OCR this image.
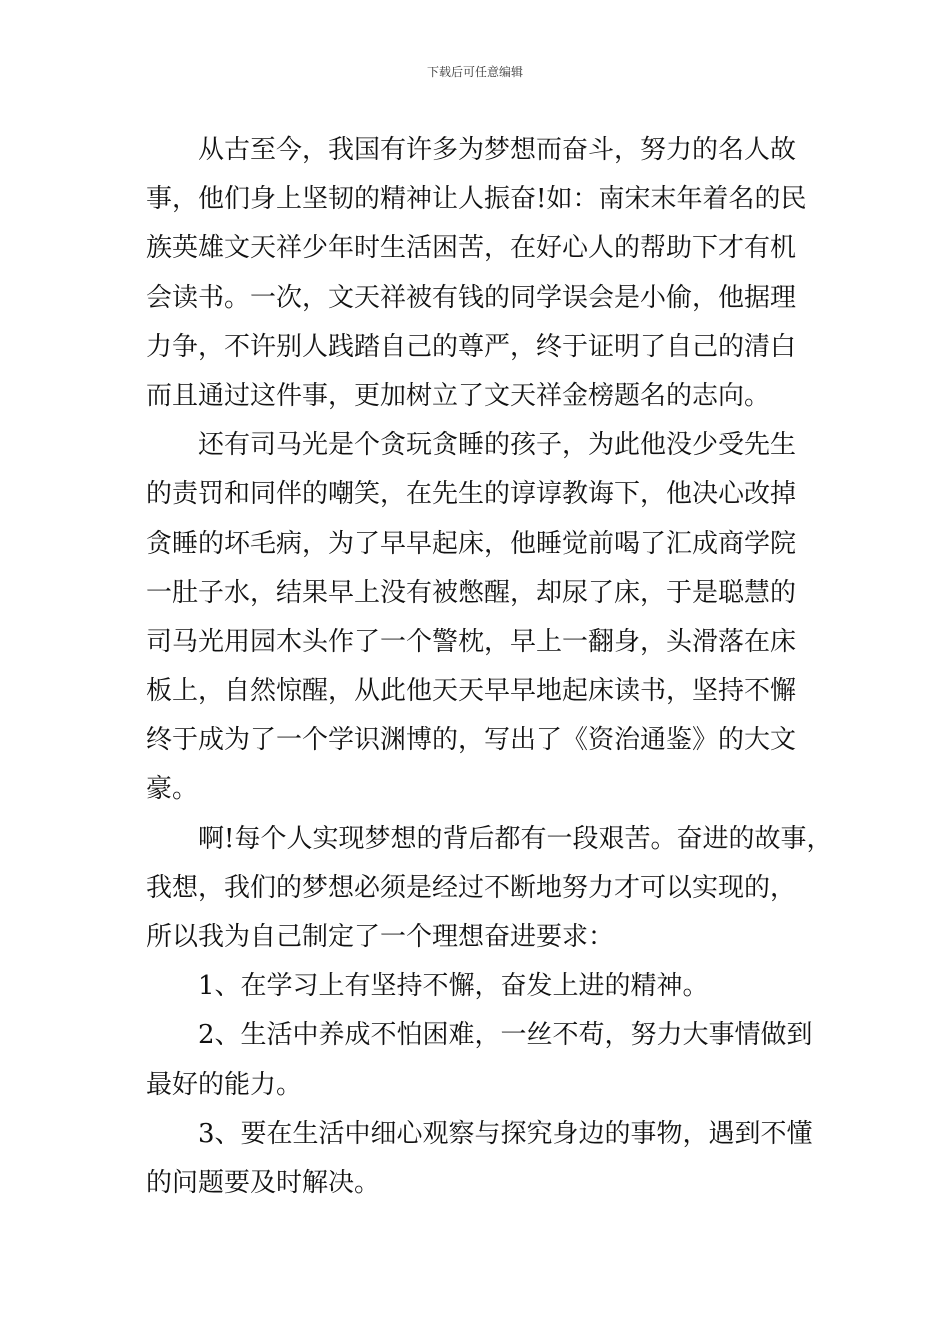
下载后可任意编辑
从古至今，我国有许多为梦想而奋斗，努力的名人故
事，他们身上坚韧的精神让人振奋!如：南宋末年着名的民
族英雄文天祥少年时生活困苦，在好心人的帮助下才有机
会读书。一次，文天祥被有钱的同学误会是小偷，他据理
力争，不许别人践踏自己的尊严，终于证明了自己的清白
而且通过这件事，更加树立了文天祥金榜题名的志向。
还有司马光是个贪玩贪睡的孩子，为此他没少受先生
的责罚和同伴的嘲笑，在先生的谆谆教诲下，他决心改掉
贪睡的坏毛病，为了早早起床，他睡觉前喝了汇成商学院
一肚子水，结果早上没有被憋醒，却尿了床，于是聪慧的
司马光用园木头作了一个警枕，早上一翻身，头滑落在床
板上，自然惊醒，从此他天天早早地起床读书，坚持不懈
终于成为了一个学识渊博的，写出了《资治通鉴》的大文
豪。
啊!每个人实现梦想的背后都有一段艰苦。奋进的故事，
我想，我们的梦想必须是经过不断地努力才可以实现的，
所以我为自己制定了一个理想奋进要求：
1、在学习上有坚持不懈，奋发上进的精神。
2、生活中养成不怕困难，一丝不苟，努力大事情做到
最好的能力。
3、要在生活中细心观察与探究身边的事物，遇到不懂
的问题要及时解决。
